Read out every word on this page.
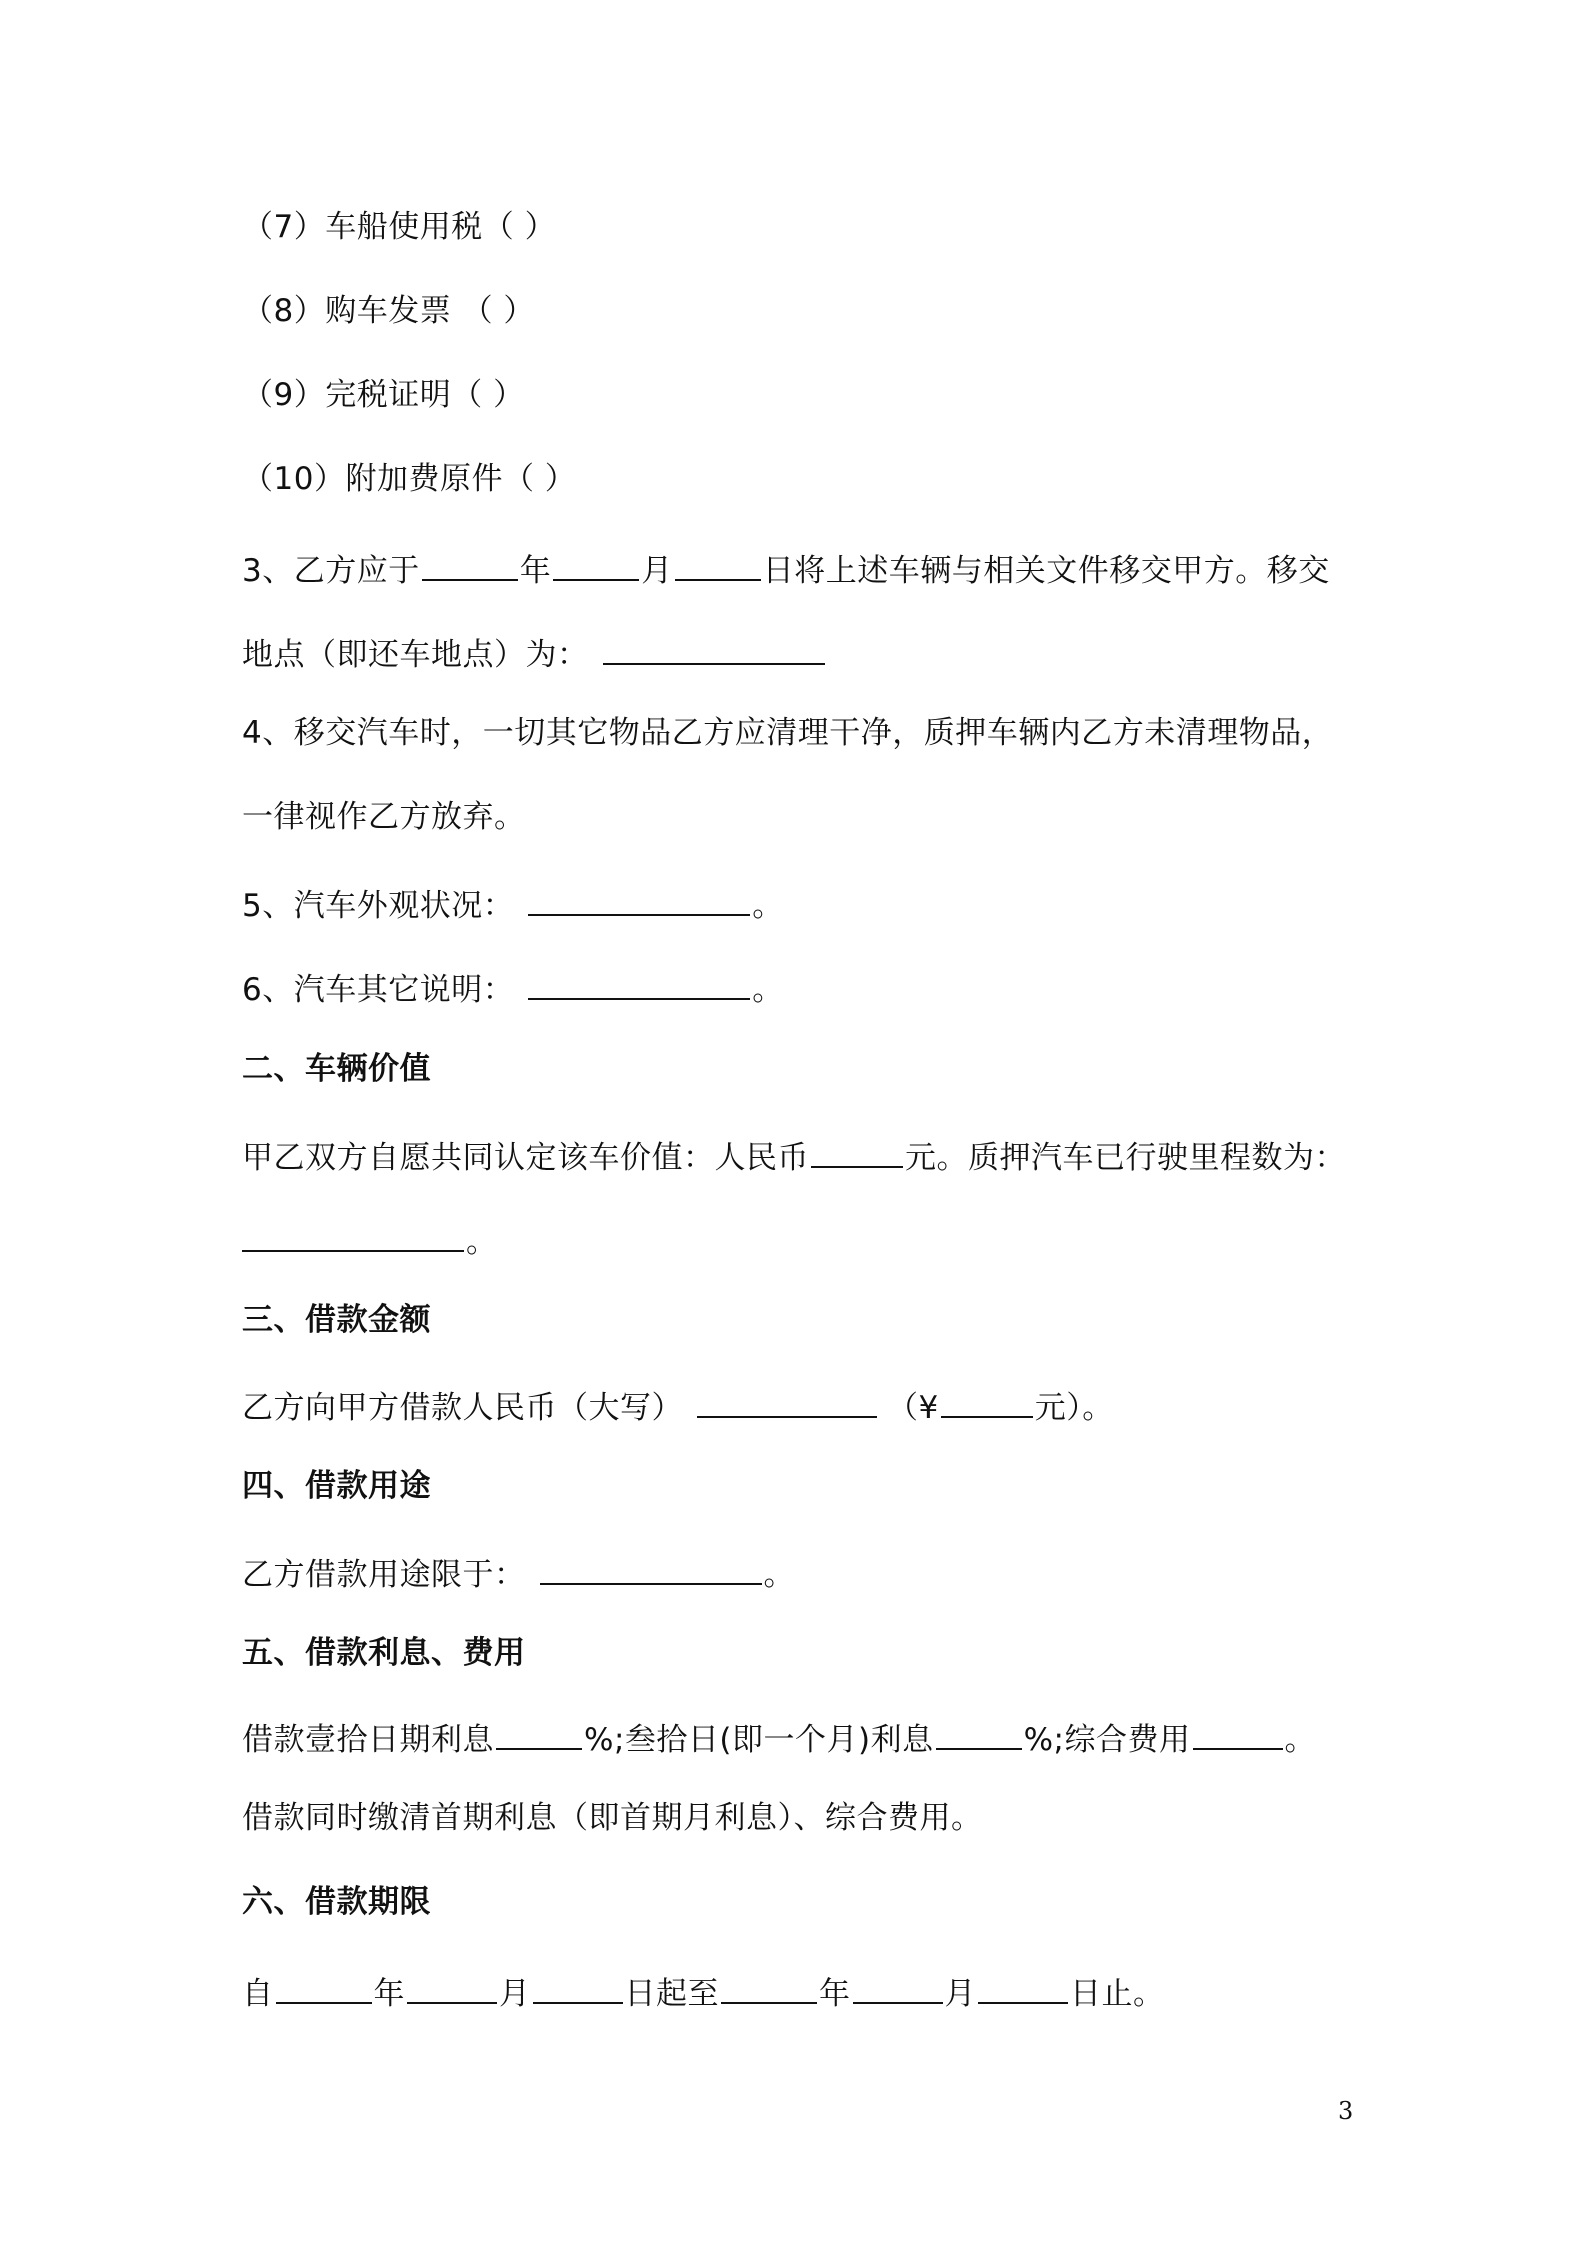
（7）车船使用税（ ）
（8）购车发票 （ ）
（9）完税证明（ ）
（10）附加费原件（ ）
3、乙方应于	年	月	日将上述车辆与相关文件移交甲方。移交
地点（即还车地点）为：
4、移交汽车时，一切其它物品乙方应清理干净，质押车辆内乙方未清理物品，
一律视作乙方放弃。
5、汽车外观状况：	。
6、汽车其它说明：	。
二、车辆价值
甲乙双方自愿共同认定该车价值：人民币	元。质押汽车已行驶里程数为：
。
三、借款金额
乙方向甲方借款人民币（大写）	（¥	元）。
四、借款用途
乙方借款用途限于：	。
五、借款利息、费用
借款壹拾日期利息	%;叁拾日(即一个月)利息	%;综合费用	。
借款同时缴清首期利息（即首期月利息）、综合费用。
六、借款期限
自	年	月	日起至	年	月	日止。
3
